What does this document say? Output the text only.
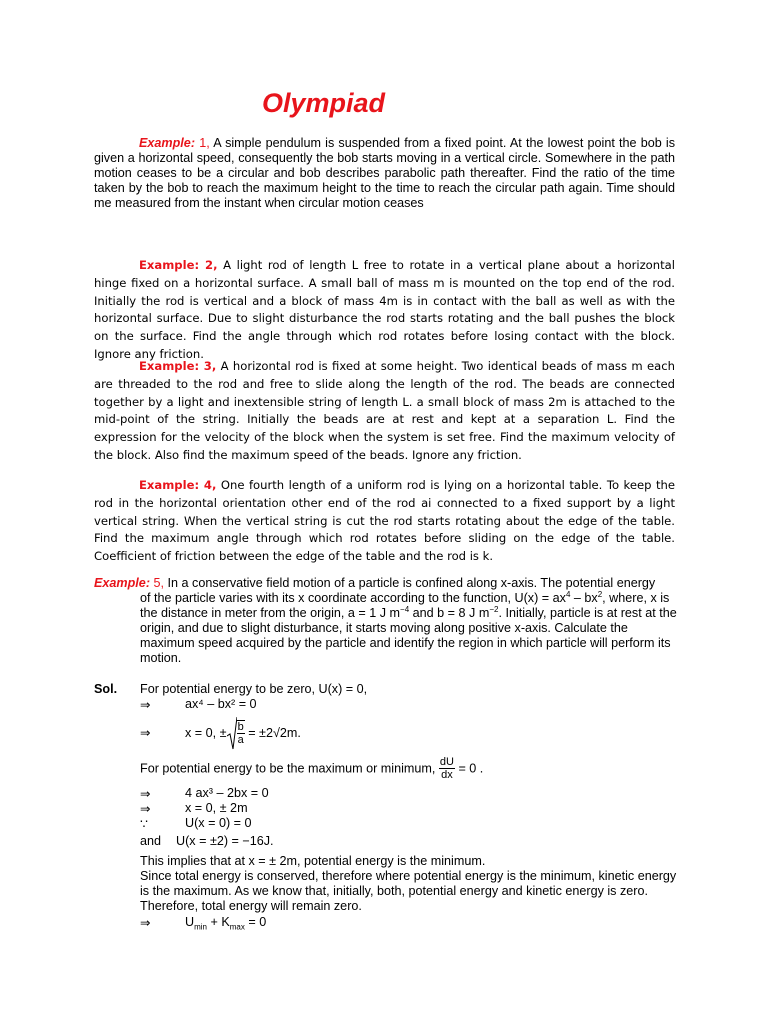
Olympiad

Example: 1, A simple pendulum is suspended from a fixed point. At the lowest point the bob is given a horizontal speed, consequently the bob starts moving in a vertical circle. Somewhere in the path motion ceases to be a circular and bob describes parabolic path thereafter. Find the ratio of the time taken by the bob to reach the maximum height to the time to reach the circular path again. Time should me measured from the instant when circular motion ceases

Example: 2, A light rod of length L free to rotate in a vertical plane about a horizontal hinge fixed on a horizontal surface. A small ball of mass m is mounted on the top end of the rod. Initially the rod is vertical and a block of mass 4m is in contact with the ball as well as with the horizontal surface. Due to slight disturbance the rod starts rotating and the ball pushes the block on the surface. Find the angle through which rod rotates before losing contact with the block. Ignore any friction.

Example: 3, A horizontal rod is fixed at some height. Two identical beads of mass m each are threaded to the rod and free to slide along the length of the rod. The beads are connected together by a light and inextensible string of length L. a small block of mass 2m is attached to the mid-point of the string. Initially the beads are at rest and kept at a separation L. Find the expression for the velocity of the block when the system is set free. Find the maximum velocity of the block. Also find the maximum speed of the beads. Ignore any friction.

Example: 4, One fourth length of a uniform rod is lying on a horizontal table. To keep the rod in the horizontal orientation other end of the rod ai connected to a fixed support by a light vertical string. When the vertical string is cut the rod starts rotating about the edge of the table. Find the maximum angle through which rod rotates before sliding on the edge of the table. Coefficient of friction between the edge of the table and the rod is k.

Example: 5, In a conservative field motion of a particle is confined along x-axis. The potential energy

of the particle varies with its x coordinate according to the function, $U(x) = ax^4 - bx^2$, where, x is the distance in meter from the origin, a = 1 J $m^{-4}$ and b = 8 J $m^{-2}$. Initially, particle is at rest at the origin, and due to slight disturbance, it starts moving along positive x-axis. Calculate the maximum speed acquired by the particle and identify the region in which particle will perform its motion.

Sol. For potential energy to be zero, U(x) = 0,
⇒	ax⁴ – bx² = 0
⇒	x = 0, ± $\frac{b}{a} = \pm 2√2m$.
For potential energy to be the maximum or minimum, $\frac{dU}{dx} = 0$ .
⇒	4 ax³ – 2bx = 0
⇒	x = 0, ± 2m
∵	U(x = 0) = 0
and U(x = ±2) = −16J.
This implies that at x = ± 2m, potential energy is the minimum.
Since total energy is conserved, therefore where potential energy is the minimum, kinetic energy is the maximum. As we know that, initially, both, potential energy and kinetic energy is zero. Therefore, total energy will remain zero.
⇒	$U_{min} + K_{max} = 0$
